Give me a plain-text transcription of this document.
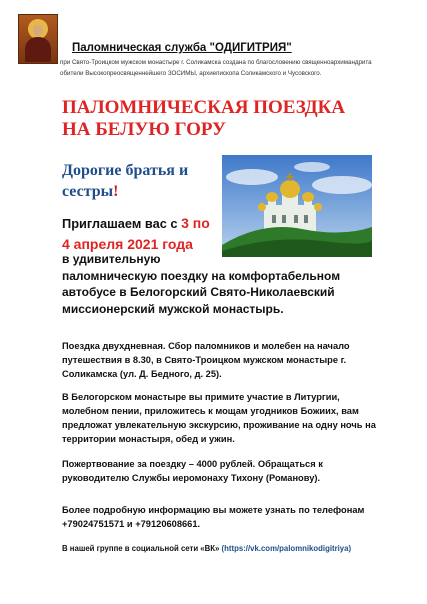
Паломническая служба "ОДИГИТРИЯ"
при Свято-Троицком мужском монастыре г. Соликамска создана по благословению священноархимандрита обители Высокопреосвященнейшего ЗОСИМЫ, архиепископа Соликамского и Чусовского.
ПАЛОМНИЧЕСКАЯ ПОЕЗДКА
НА БЕЛУЮ ГОРУ
Дорогие братья и
сестры!
Приглашаем вас с 3 по
4 апреля 2021 года
в удивительную
паломническую поездку на комфортабельном
автобусе в Белогорский Свято-Николаевский
миссионерский мужской монастырь.
Поездка двухдневная. Сбор паломников и молебен на начало путешествия в 8.30, в Свято-Троицком мужском монастыре г. Соликамска (ул. Д. Бедного, д. 25).
В Белогорском монастыре вы примите участие в Литургии, молебном пении, приложитесь к мощам угодников Божиих, вам предложат увлекательную экскурсию, проживание на одну ночь на территории монастыря, обед и ужин.
Пожертвование за поездку – 4000 рублей. Обращаться к руководителю Службы иеромонаху Тихону (Романову).
Более подробную информацию вы можете узнать по телефонам
+79024751571 и +79120608661.
В нашей группе в социальной сети «ВК» (https://vk.com/palomnikodigitriya)
